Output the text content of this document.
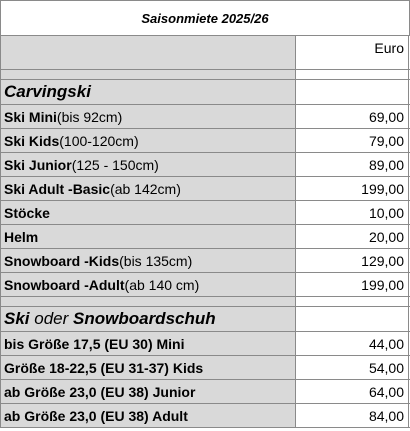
Saisonmiete 2025/26
Euro
Carvingski
Ski Mini (bis 92cm)	69,00
Ski Kids (100-120cm)	79,00
Ski Junior (125 - 150cm)	89,00
Ski Adult -Basic (ab 142cm)	199,00
Stöcke	10,00
Helm	20,00
Snowboard -Kids (bis 135cm)	129,00
Snowboard -Adult (ab 140 cm)	199,00
Ski oder Snowboardschuh
bis Größe 17,5 (EU 30) Mini	44,00
Größe 18-22,5 (EU 31-37) Kids	54,00
ab Größe 23,0 (EU 38) Junior	64,00
ab Größe 23,0 (EU 38) Adult	84,00
